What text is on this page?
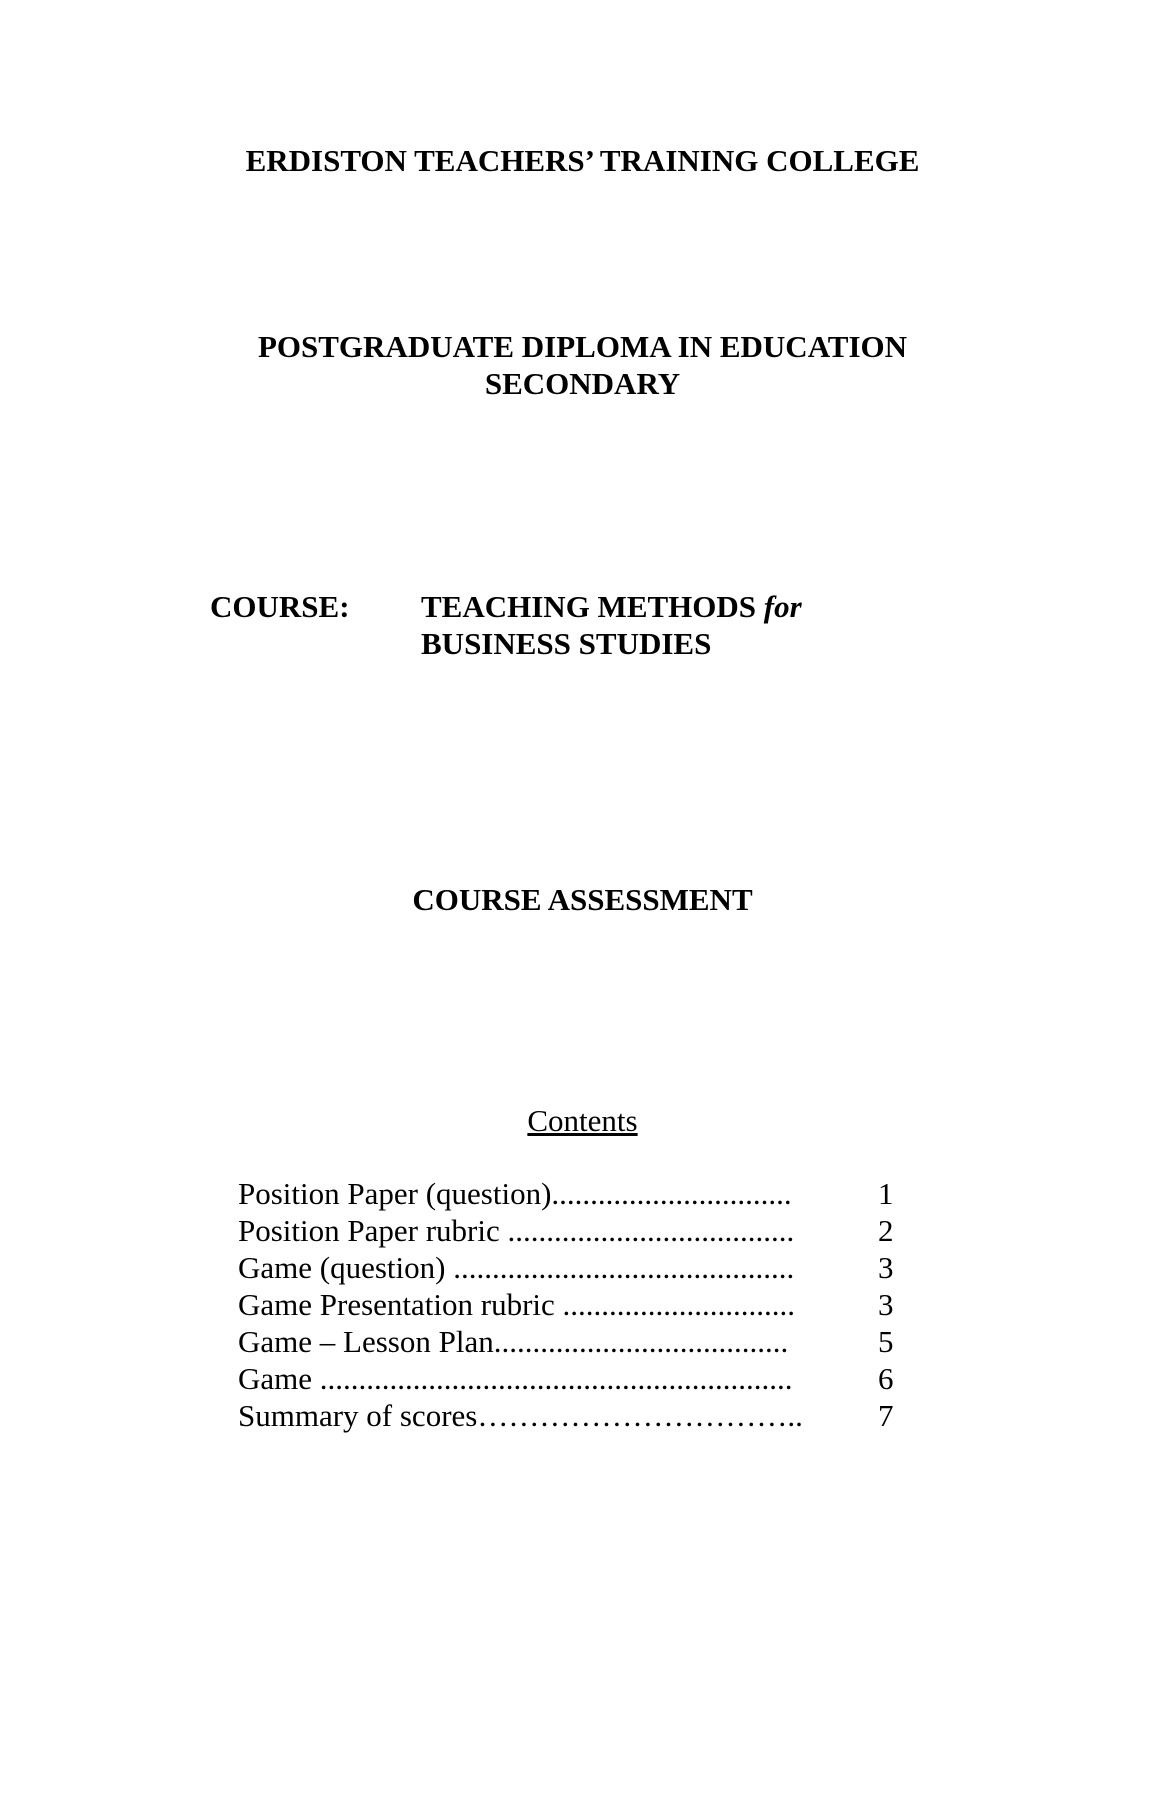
ERDISTON TEACHERS’ TRAINING COLLEGE
POSTGRADUATE DIPLOMA IN EDUCATION
SECONDARY
COURSE: TEACHING METHODS for
BUSINESS STUDIES
COURSE ASSESSMENT
Contents
Position Paper (question)...............................	1
Position Paper rubric .....................................	2
Game (question) ............................................	3
Game Presentation rubric ..............................	3
Game – Lesson Plan......................................	5
Game .............................................................	6
Summary of scores…………………………..	7
